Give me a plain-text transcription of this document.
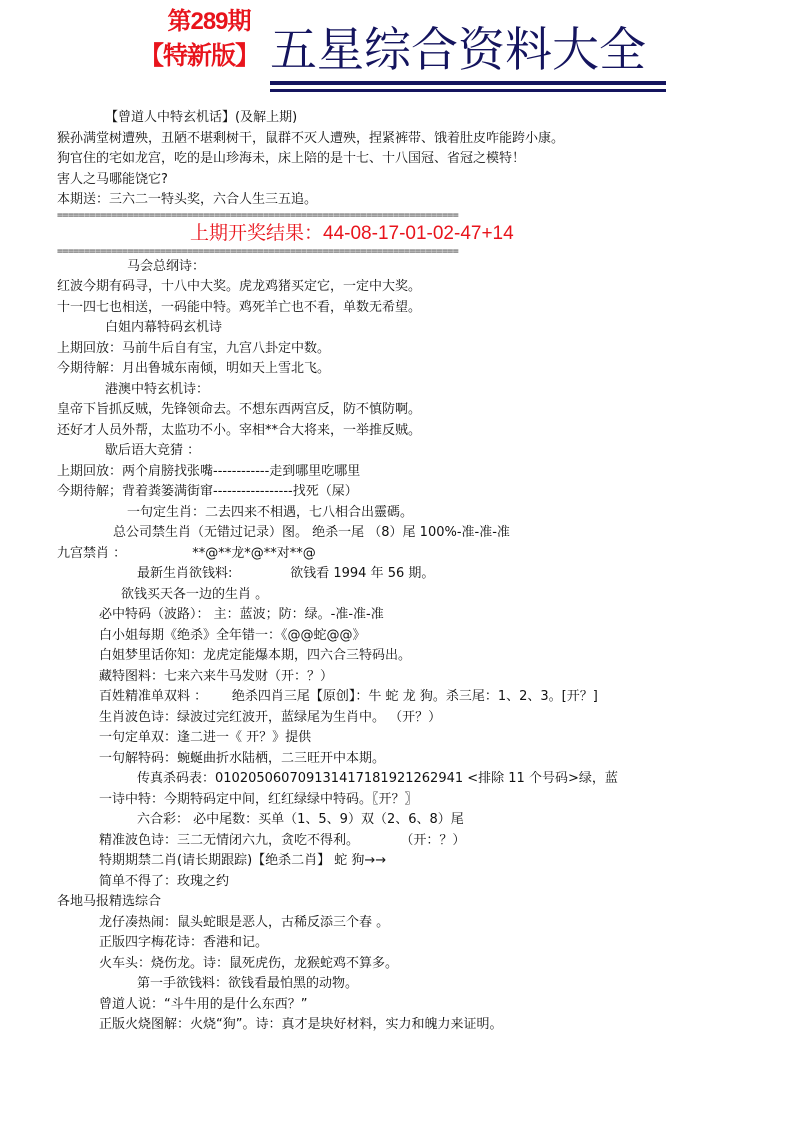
第289期
【特新版】 五星综合资料大全
【曾道人中特玄机话】(及解上期)
猴孙满堂树遭殃，丑陋不堪剩树干，鼠群不灭人遭殃，捏紧裤带、饿着肚皮咋能跨小康。
狗官住的宅如龙宫，吃的是山珍海未，床上陪的是十七、十八国冠、省冠之模特！
害人之马哪能饶它?
本期送：三六二一特头奖，六合人生三五追。
==========================================================================
上期开奖结果：44-08-17-01-02-47+14
==========================================================================
马会总纲诗：
红波今期有码寻，十八中大奖。虎龙鸡猪买定它，一定中大奖。
十一四七也相送，一码能中特。鸡死羊亡也不看，单数无希望。
白姐内幕特码玄机诗
上期回放：马前牛后自有宝，九宫八卦定中数。
今期待解：月出鲁城东南倾，明如天上雪北飞。
港澳中特玄机诗：
皇帝下旨抓反贼，先锋领命去。不想东西两宫反，防不慎防啊。
还好才人员外帮，太监功不小。宰相**合大将来，一举推反贼。
歇后语大竞猜 ：
上期回放：两个肩膀找张嘴------------走到哪里吃哪里
今期待解；背着粪篓满街窜-----------------找死（屎）
一句定生肖：二去四来不相遇，七八相合出靈碼。
总公司禁生肖（无错过记录）图。 绝杀一尾 （8）尾 100%-准-准-准
九宫禁肖 ：                **@**龙*@**对**@
最新生肖欲钱料:              欲钱看 1994 年 56 期。
欲钱买天各一边的生肖 。
必中特码（波路）： 主：蓝波；防：绿。-准-准-准
白小姐每期《绝杀》全年错一：《@@蛇@@》
白姐梦里话你知：龙虎定能爆本期，四六合三特码出。
藏特图料：七来六来牛马发财（开：？）
百姓精准单双料 ：      绝杀四肖三尾【原创】：牛 蛇 龙 狗。杀三尾：1、2、3。[开？]
生肖波色诗：绿波过完红波开，蓝绿尾为生肖中。 （开？）
一句定单双：逢二进一《 开？》提供
一句解特码：蜿蜒曲折水陆栖，二三旺开中本期。
传真杀码表：0102050607091314171819212629​41 <排除 11 个号码>绿，蓝
一诗中特：今期特码定中间，红红绿绿中特码。〖开？〗
六合彩： 必中尾数：买单（1、5、9）双（2、6、8）尾
精准波色诗：三二无情闭六九，贪吃不得利。          （开：？）
特期期禁二肖(请长期跟踪)【绝杀二肖】 蛇 狗→→
简单不得了：玫瑰之约
各地马报精选综合
龙仔凑热闹：鼠头蛇眼是恶人，古稀反添三个春 。
正版四字梅花诗：香港和记。
火车头：烧伤龙。诗：鼠死虎伤，龙猴蛇鸡不算多。
第一手欲钱料：欲钱看最怕黑的动物。
曾道人说：“斗牛用的是什么东西？”
正版火烧图解：火烧“狗”。诗：真才是块好材料，实力和魄力来证明。
